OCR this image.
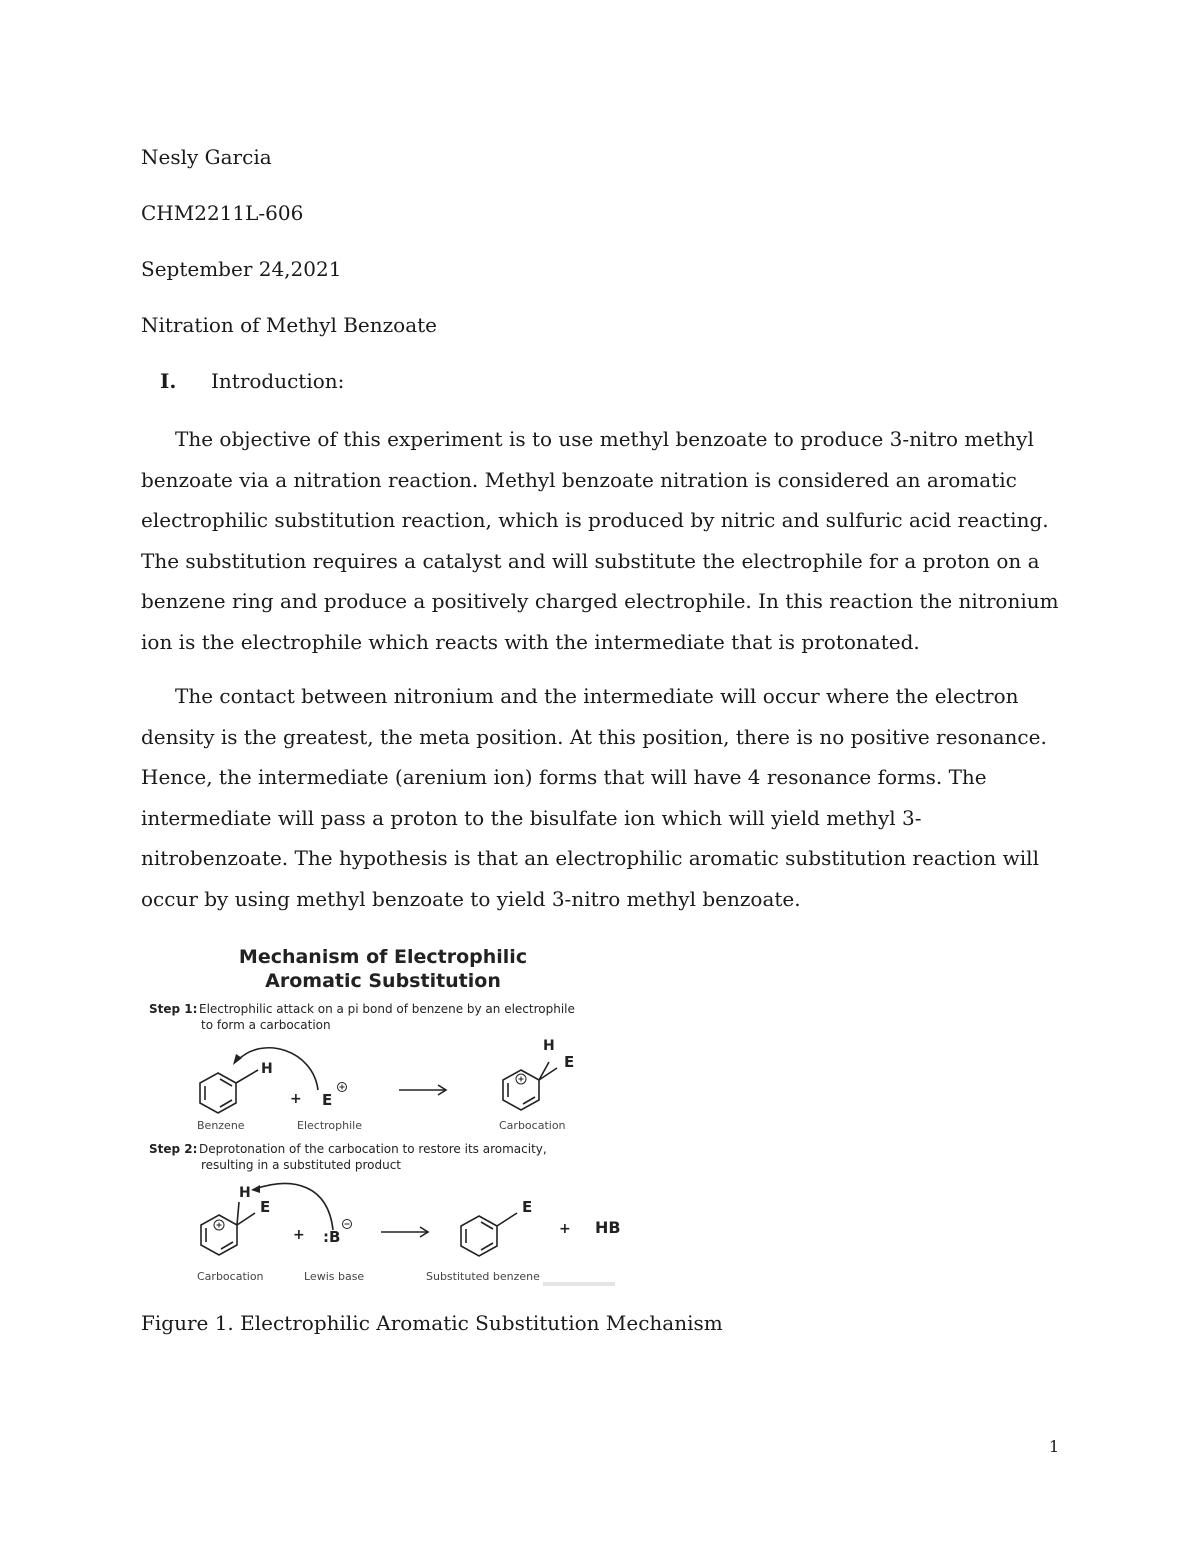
Nesly Garcia

CHM2211L-606

September 24,2021

Nitration of Methyl Benzoate

I. Introduction:

The objective of this experiment is to use methyl benzoate to produce 3-nitro methyl benzoate via a nitration reaction. Methyl benzoate nitration is considered an aromatic electrophilic substitution reaction, which is produced by nitric and sulfuric acid reacting. The substitution requires a catalyst and will substitute the electrophile for a proton on a benzene ring and produce a positively charged electrophile. In this reaction the nitronium ion is the electrophile which reacts with the intermediate that is protonated.

The contact between nitronium and the intermediate will occur where the electron density is the greatest, the meta position. At this position, there is no positive resonance. Hence, the intermediate (arenium ion) forms that will have 4 resonance forms. The intermediate will pass a proton to the bisulfate ion which will yield methyl 3-nitrobenzoate. The hypothesis is that an electrophilic aromatic substitution reaction will occur by using methyl benzoate to yield 3-nitro methyl benzoate.

Mechanism of Electrophilic
Aromatic Substitution
Step 1: Electrophilic attack on a pi bond of benzene by an electrophile
to form a carbocation
H
+ E
H
E
Benzene	Electrophile	Carbocation
Step 2: Deprotonation of the carbocation to restore its aromacity,
resulting in a substituted product
H
E
+ :B
E
+ HB
Carbocation	Lewis base	Substituted benzene

Figure 1. Electrophilic Aromatic Substitution Mechanism

1
